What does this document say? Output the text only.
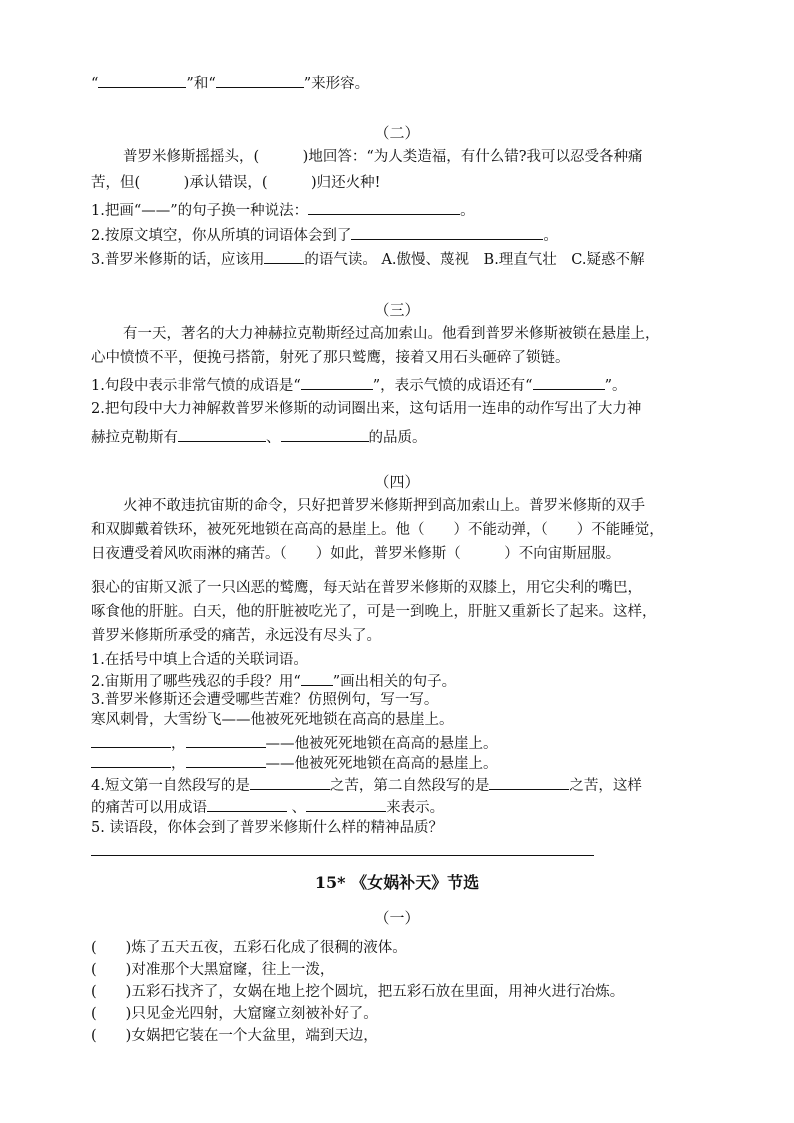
“	”和“	”来形容。
（二）
普罗米修斯摇摇头，(　　　)地回答：“为人类造福，有什么错?我可以忍受各种痛
苦，但(　　　)承认错误，(　　　)归还火种!
1.把画“——”的句子换一种说法：	。
2.按原文填空，你从所填的词语体会到了	。
3.普罗米修斯的话，应该用	的语气读。 A.傲慢、蔑视　B.理直气壮　C.疑惑不解
（三）
有一天，著名的大力神赫拉克勒斯经过高加索山。他看到普罗米修斯被锁在悬崖上，
心中愤愤不平，便挽弓搭箭，射死了那只鹫鹰，接着又用石头砸碎了锁链。
1.句段中表示非常气愤的成语是“	”，表示气愤的成语还有“	”。
2.把句段中大力神解救普罗米修斯的动词圈出来，这句话用一连串的动作写出了大力神
赫拉克勒斯有	、	的品质。
（四）
火神不敢违抗宙斯的命令，只好把普罗米修斯押到高加索山上。普罗米修斯的双手
和双脚戴着铁环，被死死地锁在高高的悬崖上。他（　　）不能动弹，（　　）不能睡觉，
日夜遭受着风吹雨淋的痛苦。（　　）如此，普罗米修斯（　　　）不向宙斯屈服。
狠心的宙斯又派了一只凶恶的鹫鹰，每天站在普罗米修斯的双膝上，用它尖利的嘴巴，
啄食他的肝脏。白天，他的肝脏被吃光了，可是一到晚上，肝脏又重新长了起来。这样，
普罗米修斯所承受的痛苦，永远没有尽头了。
1.在括号中填上合适的关联词语。
2.宙斯用了哪些残忍的手段？用“ ”画出相关的句子。
3.普罗米修斯还会遭受哪些苦难？仿照例句，写一写。
寒风刺骨，大雪纷飞——他被死死地锁在高高的悬崖上。
，	——他被死死地锁在高高的悬崖上。
，	——他被死死地锁在高高的悬崖上。
4.短文第一自然段写的是	之苦，第二自然段写的是	之苦，这样
的痛苦可以用成语	、	来表示。
5. 读语段，你体会到了普罗米修斯什么样的精神品质？
15* 《女娲补天》节选
（一）
(　　)炼了五天五夜，五彩石化成了很稠的液体。
(　　)对准那个大黑窟窿，往上一泼，
(　　)五彩石找齐了，女娲在地上挖个圆坑，把五彩石放在里面，用神火进行冶炼。
(　　)只见金光四射，大窟窿立刻被补好了。
(　　)女娲把它装在一个大盆里，端到天边，
